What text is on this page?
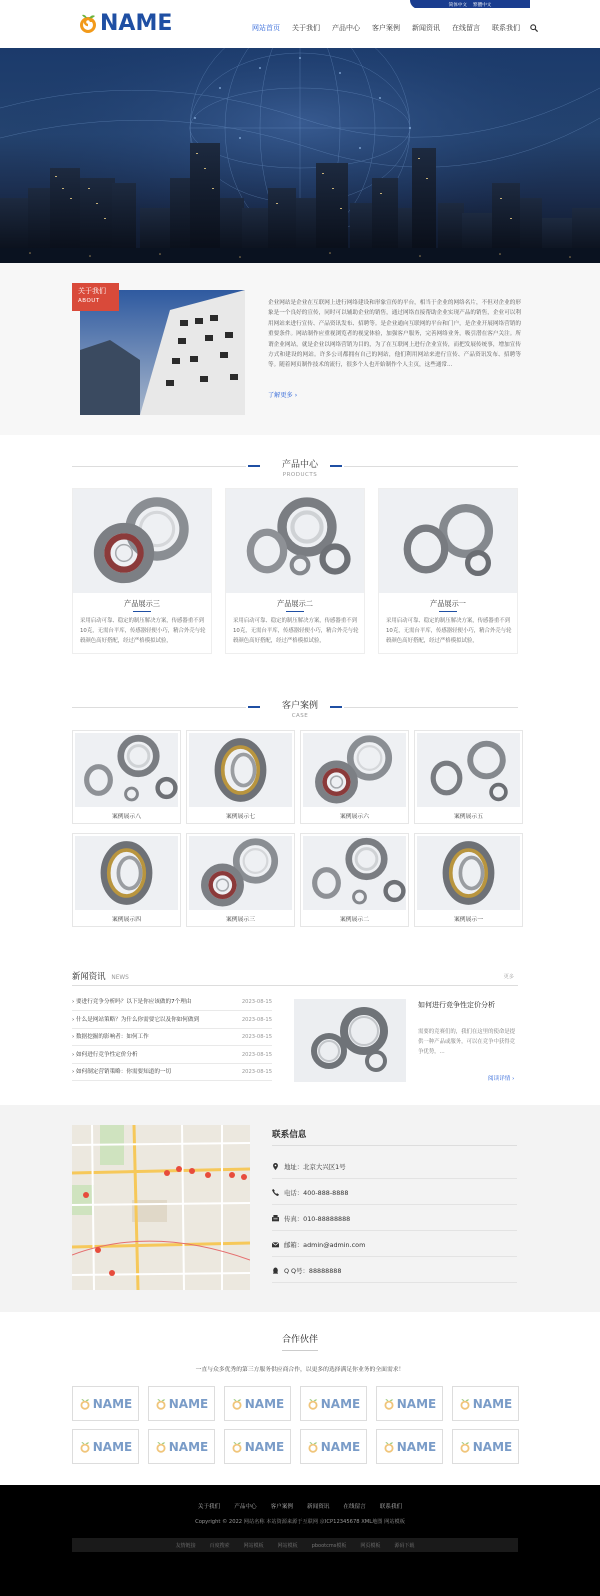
简体中文 繁體中文
NAME	网站首页	关于我们	产品中心	客户案例	新闻资讯	在线留言	联系我们
关于我们
ABOUT	企业网站是企业在互联网上进行网络建设和形象宣传的平台，相当于企业的网络名片，不但对企业的形象是一个良好的宣传，同时可以辅助企业的销售，通过网络直接帮助企业实现产品的销售，企业可以利用网站来进行宣传、产品资讯发布、招聘等。是企业通向互联网的平台和门户，是企业开展网络营销的重要条件。网站制作应重视浏览者的视觉体验，加强客户服务，完善网络业务，吸引潜在客户关注。所谓企业网站，就是企业以网络营销为目的，为了在互联网上进行企业宣传，而把发展传统事，增加宣传方式和建设的网站。许多公司都拥有自己的网站，他们利用网站来进行宣传、产品资讯发布、招聘等等。随着网页制作技术的流行，很多个人也开始制作个人主页，这些通常...
了解更多 ›
产品中心
PRODUCTS
产品展示三
采用启动可靠、稳定的制压解决方案，传感器重不到10克，无需台平库，传感器轻便小巧，精合外壳与轮毂颜色高好搭配，经过严格模拟试验，
产品展示二
采用启动可靠、稳定的制压解决方案，传感器重不到10克，无需台平库，传感器轻便小巧，精合外壳与轮毂颜色高好搭配，经过严格模拟试验，
产品展示一
采用启动可靠、稳定的制压解决方案，传感器重不到10克，无需台平库，传感器轻便小巧，精合外壳与轮毂颜色高好搭配，经过严格模拟试验，
客户案例
CASE
案例展示八	案例展示七	案例展示六	案例展示五
案例展示四	案例展示三	案例展示二	案例展示一
新闻资讯 NEWS	更多
› 要进行竞争分析吗？以下是你应该做的7个理由	2023-08-15
› 什么是网站策略？为什么你需要它以及你如何做到	2023-08-15
› 数据挖掘的影响者：如何工作	2023-08-15
› 如何进行竞争性定价分析	2023-08-15
› 如何制定营销策略：你需要知道的一切	2023-08-15
如何进行竞争性定价分析
需要的竞赛们的，我们在这里的使命是提供一种产品或服务，可以在竞争中获得竞争优势，...
阅读详情 ›
联系信息
地址：北京大兴区1号
电话：400-888-8888
传真：010-88888888
邮箱：admin@admin.com
Q Q号：88888888
合作伙伴
一直与众多优秀的第三方服务供应商合作，以更多的选择满足你业务的全面需求！
NAME	NAME	NAME	NAME	NAME	NAME
NAME	NAME	NAME	NAME	NAME	NAME
关于我们	产品中心	客户案例	新闻资讯	在线留言	联系我们
Copyright © 2022 网站名称 本站资源来源于互联网 京ICP12345678 XML地图 网站模板
友情链接	百度搜索	网站模板	网站模板	pbootcms模板	网页模板	源码下载
